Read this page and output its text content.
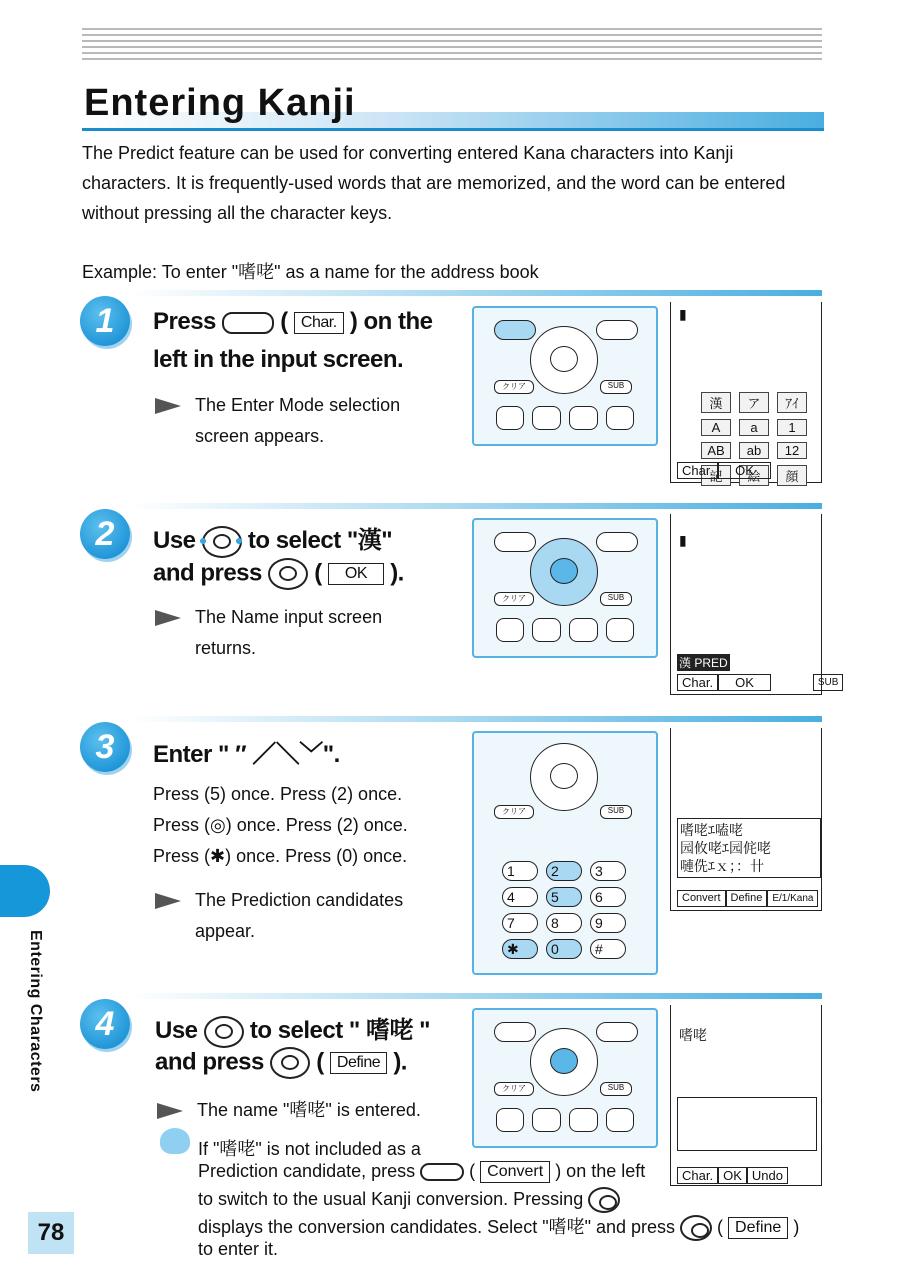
Entering Kanji
The Predict feature can be used for converting entered Kana characters into Kanji characters. It is frequently-used words that are memorized, and the word can be entered without pressing all the character keys.
Example: To enter "嗜咾" as a name for the address book
1	Press  ( Char. ) on the
left in the input screen.
The Enter Mode selection
screen appears.
クリア	SUB
▮
漢	ア	ｱｲ
A	a	1
AB	ab	12
記	絵	顔
Char.	OK
2	Use to select "漢"
and press  ( OK ).
The Name input screen
returns.
クリア	SUB
▮
漢 PRED
Char.	OK	SUB
3	Enter " ″ ／＼﹀".
Press (5) once. Press (2) once.
Press (◎) once. Press (2) once.
Press (✱) once. Press (0) once.
The Prediction candidates
appear.
クリア	SUB
1	2	3
4	5	6
7	8	9
✱	0	#
嗜咾ｴ嗑咾
园攸咾ｴ园侂咾
嗹侁ｴｘ；：卄
Convert Define	E/1/Kana
4	Use to select " 嗜咾 "
and press  ( Define ).
The name "嗜咾" is entered.
If "嗜咾" is not included as a
Prediction candidate, press	( Convert ) on the left
to switch to the usual Kanji conversion. Pressing
displays the conversion candidates. Select "嗜咾" and press  ( Define )
to enter it.
クリア	SUB
嗜咾
Char. OK Undo
Entering Characters
78
